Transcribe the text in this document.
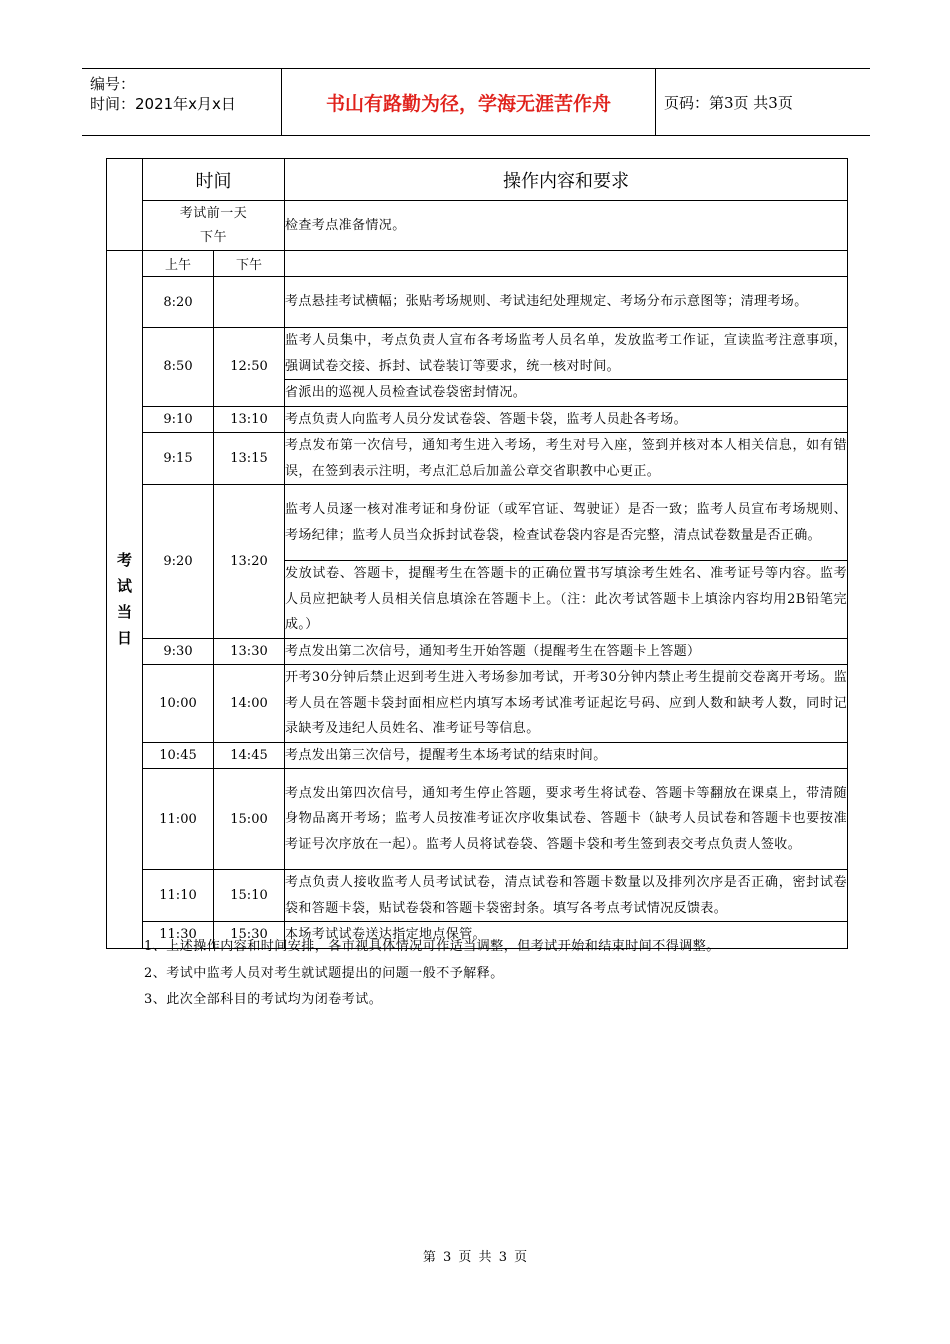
编号：
时间：2021年x月x日	书山有路勤为径，学海无涯苦作舟	页码：第3页 共3页
	时间		操作内容和要求
	考试前一天
下午		检查考点准备情况。
考
试
当
日	上午	下午	
	8:20		考点悬挂考试横幅；张贴考场规则、考试违纪处理规定、考场分布示意图等；清理考场。
	8:50	12:50	监考人员集中，考点负责人宣布各考场监考人员名单，发放监考工作证，宣读监考注意事项，强调试卷交接、拆封、试卷装订等要求，统一核对时间。
			省派出的巡视人员检查试卷袋密封情况。
	9:10	13:10	考点负责人向监考人员分发试卷袋、答题卡袋，监考人员赴各考场。
	9:15	13:15	考点发布第一次信号，通知考生进入考场，考生对号入座，签到并核对本人相关信息，如有错误，在签到表示注明，考点汇总后加盖公章交省职教中心更正。
	9:20	13:20	监考人员逐一核对准考证和身份证（或军官证、驾驶证）是否一致；监考人员宣布考场规则、考场纪律；监考人员当众拆封试卷袋，检查试卷袋内容是否完整，清点试卷数量是否正确。
			发放试卷、答题卡，提醒考生在答题卡的正确位置书写填涂考生姓名、准考证号等内容。监考人员应把缺考人员相关信息填涂在答题卡上。（注：此次考试答题卡上填涂内容均用2B铅笔完成。）
	9:30	13:30	考点发出第二次信号，通知考生开始答题（提醒考生在答题卡上答题）
	10:00	14:00	开考30分钟后禁止迟到考生进入考场参加考试，开考30分钟内禁止考生提前交卷离开考场。监考人员在答题卡袋封面相应栏内填写本场考试准考证起讫号码、应到人数和缺考人数，同时记录缺考及违纪人员姓名、准考证号等信息。
	10:45	14:45	考点发出第三次信号，提醒考生本场考试的结束时间。
	11:00	15:00	考点发出第四次信号，通知考生停止答题，要求考生将试卷、答题卡等翻放在课桌上，带清随身物品离开考场；监考人员按准考证次序收集试卷、答题卡（缺考人员试卷和答题卡也要按准考证号次序放在一起）。监考人员将试卷袋、答题卡袋和考生签到表交考点负责人签收。
	11:10	15:10	考点负责人接收监考人员考试试卷，清点试卷和答题卡数量以及排列次序是否正确，密封试卷袋和答题卡袋，贴试卷袋和答题卡袋密封条。填写各考点考试情况反馈表。
	11:30	15:30	本场考试试卷送达指定地点保管。
1、上述操作内容和时间安排，各市视具体情况可作适当调整，但考试开始和结束时间不得调整。
2、考试中监考人员对考生就试题提出的问题一般不予解释。
3、此次全部科目的考试均为闭卷考试。
第 3 页 共 3 页
